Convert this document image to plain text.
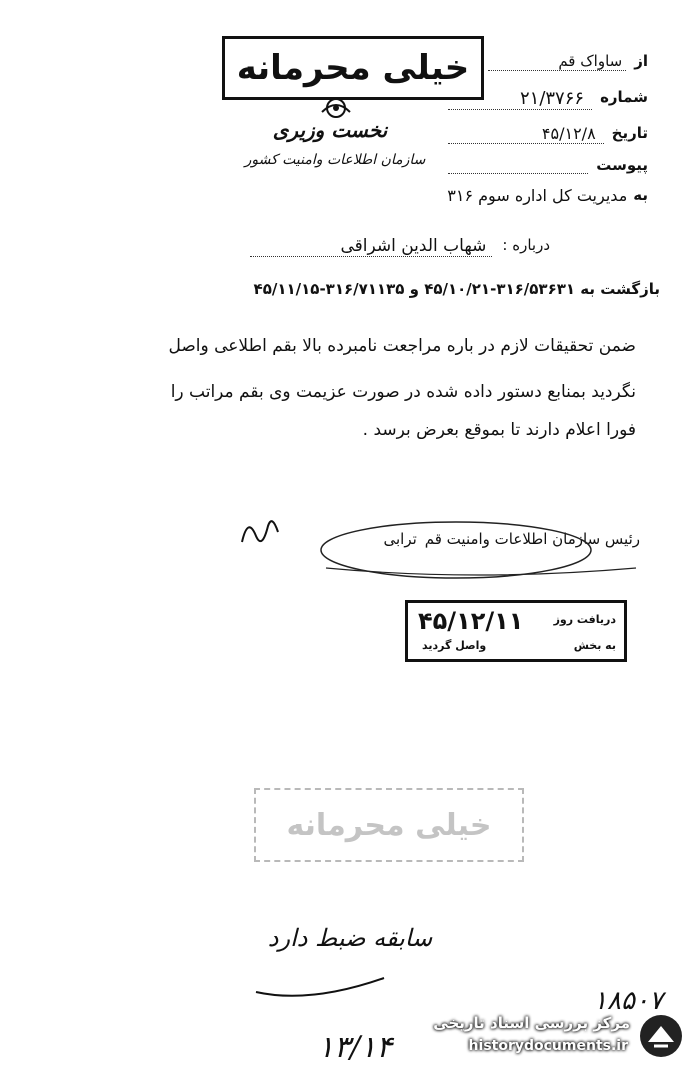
خیلی محرمانه
نخست وزیری
سازمان اطلاعات وامنیت کشور
از
ساواک قم
شماره
۲۱/۳۷۶۶
تاریخ
۴۵/۱۲/۸
پیوست
به
مدیریت کل اداره سوم ۳۱۶
درباره :
شهاب الدین اشراقی
بازگشت به ۳۱۶/۵۳۶۳۱-۴۵/۱۰/۲۱ و ۳۱۶/۷۱۱۳۵-۴۵/۱۱/۱۵
ضمن تحقیقات لازم در باره مراجعت نامبرده بالا بقم اطلاعی واصل
نگردید بمنابع دستور داده شده در صورت عزیمت وی بقم مراتب را
فورا اعلام دارند تا بموقع بعرض برسد .
رئیس سازمان اطلاعات وامنیت قم
ترابی
دریافت روز
۴۵/۱۲/۱۱
به بخش
واصل گردید
خیلی محرمانه
سابقه ضبط دارد
۱۸۵۰۷
۱۳/۱۴
مرکز بررسی اسناد تاریخی
historydocuments.ir
